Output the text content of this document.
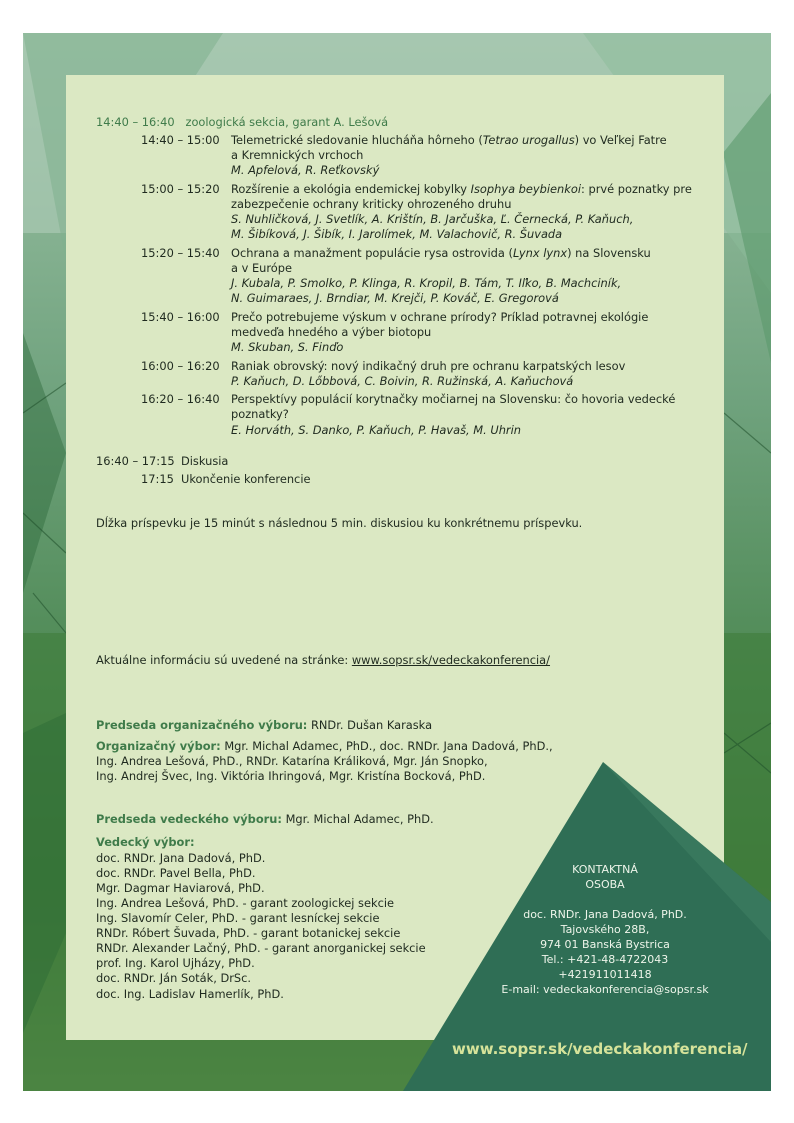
14:40 – 16:40 zoologická sekcia, garant A. Lešová
14:40 – 15:00 Telemetrické sledovanie hlucháňa hôrneho (Tetrao urogallus) vo Veľkej Fatre
a Kremnických vrchoch
M. Apfelová, R. Reťkovský
15:00 – 15:20 Rozšírenie a ekológia endemickej kobylky Isophya beybienkoi: prvé poznatky pre
zabezpečenie ochrany kriticky ohrozeného druhu
S. Nuhličková, J. Svetlík, A. Krištín, B. Jarčuška, Ľ. Černecká, P. Kaňuch,
M. Šibíková, J. Šibík, I. Jarolímek, M. Valachovič, R. Šuvada
15:20 – 15:40 Ochrana a manažment populácie rysa ostrovida (Lynx lynx) na Slovensku
a v Európe
J. Kubala, P. Smolko, P. Klinga, R. Kropil, B. Tám, T. Iľko, B. Machciník,
N. Guimaraes, J. Brndiar, M. Krejči, P. Kováč, E. Gregorová
15:40 – 16:00 Prečo potrebujeme výskum v ochrane prírody? Príklad potravnej ekológie
medveďa hnedého a výber biotopu
M. Skuban, S. Finďo
16:00 – 16:20 Raniak obrovský: nový indikačný druh pre ochranu karpatských lesov
P. Kaňuch, D. Lőbbová, C. Boivin, R. Ružinská, A. Kaňuchová
16:20 – 16:40 Perspektívy populácií korytnačky močiarnej na Slovensku: čo hovoria vedecké
poznatky?
E. Horváth, S. Danko, P. Kaňuch, P. Havaš, M. Uhrin
16:40 – 17:15 Diskusia
17:15 Ukončenie konferencie
Dĺžka príspevku je 15 minút s následnou 5 min. diskusiou ku konkrétnemu príspevku.
Aktuálne informáciu sú uvedené na stránke: www.sopsr.sk/vedeckakonferencia/
Predseda organizačného výboru: RNDr. Dušan Karaska
Organizačný výbor: Mgr. Michal Adamec, PhD., doc. RNDr. Jana Dadová, PhD.,
Ing. Andrea Lešová, PhD., RNDr. Katarína Králiková, Mgr. Ján Snopko,
Ing. Andrej Švec, Ing. Viktória Ihringová, Mgr. Kristína Bocková, PhD.
Predseda vedeckého výboru: Mgr. Michal Adamec, PhD.
Vedecký výbor:
doc. RNDr. Jana Dadová, PhD.
doc. RNDr. Pavel Bella, PhD.
Mgr. Dagmar Haviarová, PhD.
Ing. Andrea Lešová, PhD. - garant zoologickej sekcie
Ing. Slavomír Celer, PhD. - garant lesníckej sekcie
RNDr. Róbert Šuvada, PhD. - garant botanickej sekcie
RNDr. Alexander Lačný, PhD. - garant anorganickej sekcie
prof. Ing. Karol Ujházy, PhD.
doc. RNDr. Ján Soták, DrSc.
doc. Ing. Ladislav Hamerlík, PhD.
KONTAKTNÁ
OSOBA
doc. RNDr. Jana Dadová, PhD.
Tajovského 28B,
974 01 Banská Bystrica
Tel.: +421-48-4722043
+421911011418
E-mail: vedeckakonferencia@sopsr.sk
www.sopsr.sk/vedeckakonferencia/
